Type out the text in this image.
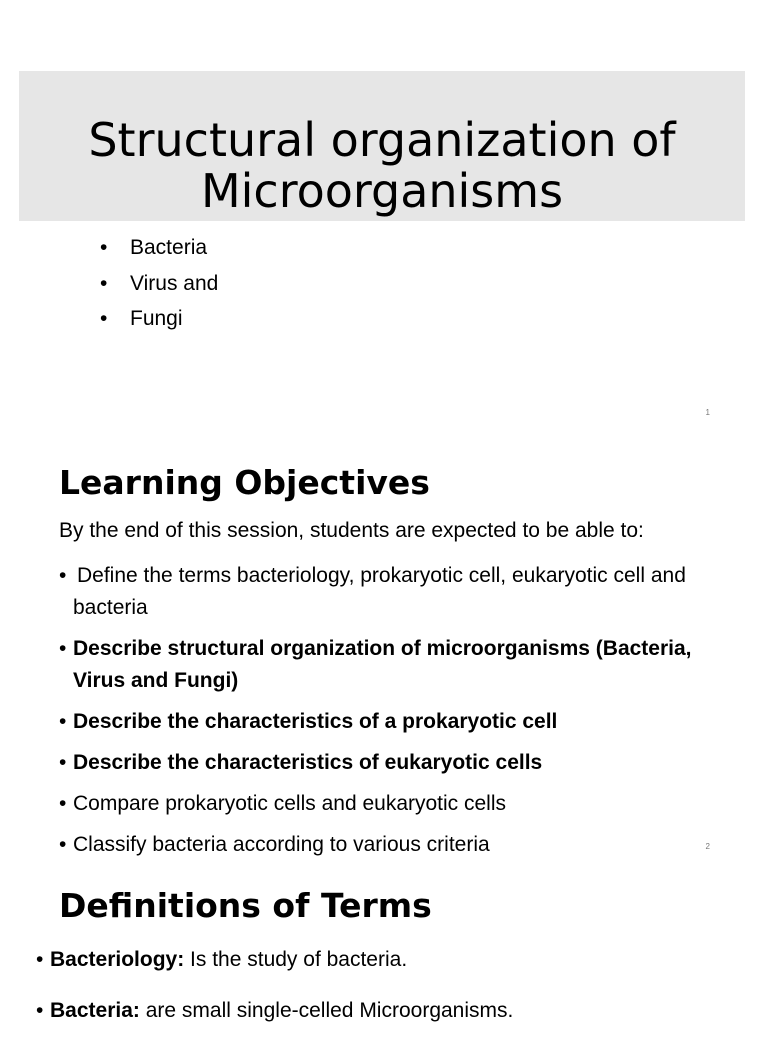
Structural organization of
Microorganisms
• Bacteria
• Virus and
• Fungi
1
Learning Objectives

By the end of this session, students are expected to be able to:

• Define the terms bacteriology, prokaryotic cell, eukaryotic cell and bacteria
• Describe structural organization of microorganisms (Bacteria, Virus and Fungi)
• Describe the characteristics of a prokaryotic cell
• Describe the characteristics of eukaryotic cells
• Compare prokaryotic cells and eukaryotic cells
• Classify bacteria according to various criteria	2
Definitions of Terms
• Bacteriology: Is the study of bacteria.
• Bacteria: are small single-celled Microorganisms.
